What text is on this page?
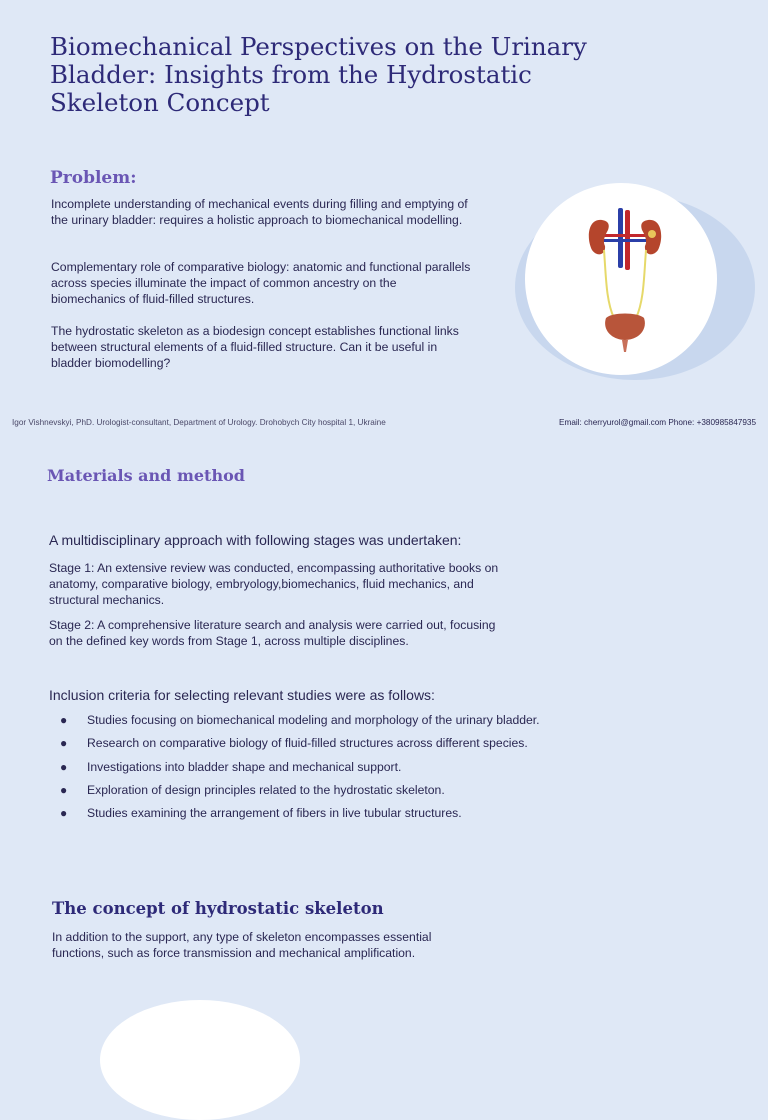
Biomechanical Perspectives on the Urinary Bladder: Insights from the Hydrostatic Skeleton Concept
Problem:

Incomplete understanding of mechanical events during filling and emptying of the urinary bladder: requires a holistic approach to biomechanical modelling.

Complementary role of comparative biology: anatomic and functional parallels across species illuminate the impact of common ancestry on the biomechanics of fluid-filled structures.

The hydrostatic skeleton as a biodesign concept establishes functional links between structural elements of a fluid-filled structure. Can it be useful in bladder biomodelling?

Igor Vishnevskyi, PhD. Urologist-consultant, Department of Urology. Drohobych City hospital 1, Ukraine	Email: cherryurol@gmail.com Phone: +380985847935
Materials and method

A multidisciplinary approach with following stages was undertaken:

Stage 1: An extensive review was conducted, encompassing authoritative books on anatomy, comparative biology, embryology,biomechanics, fluid mechanics, and structural mechanics.

Stage 2: A comprehensive literature search and analysis were carried out, focusing on the defined key words from Stage 1, across multiple disciplines.

Inclusion criteria for selecting relevant studies were as follows:

● Studies focusing on biomechanical modeling and morphology of the urinary bladder.
● Research on comparative biology of fluid-filled structures across different species.
● Investigations into bladder shape and mechanical support.
● Exploration of design principles related to the hydrostatic skeleton.
● Studies examining the arrangement of fibers in live tubular structures.
The concept of hydrostatic skeleton

In addition to the support, any type of skeleton encompasses essential functions, such as force transmission and mechanical amplification.
